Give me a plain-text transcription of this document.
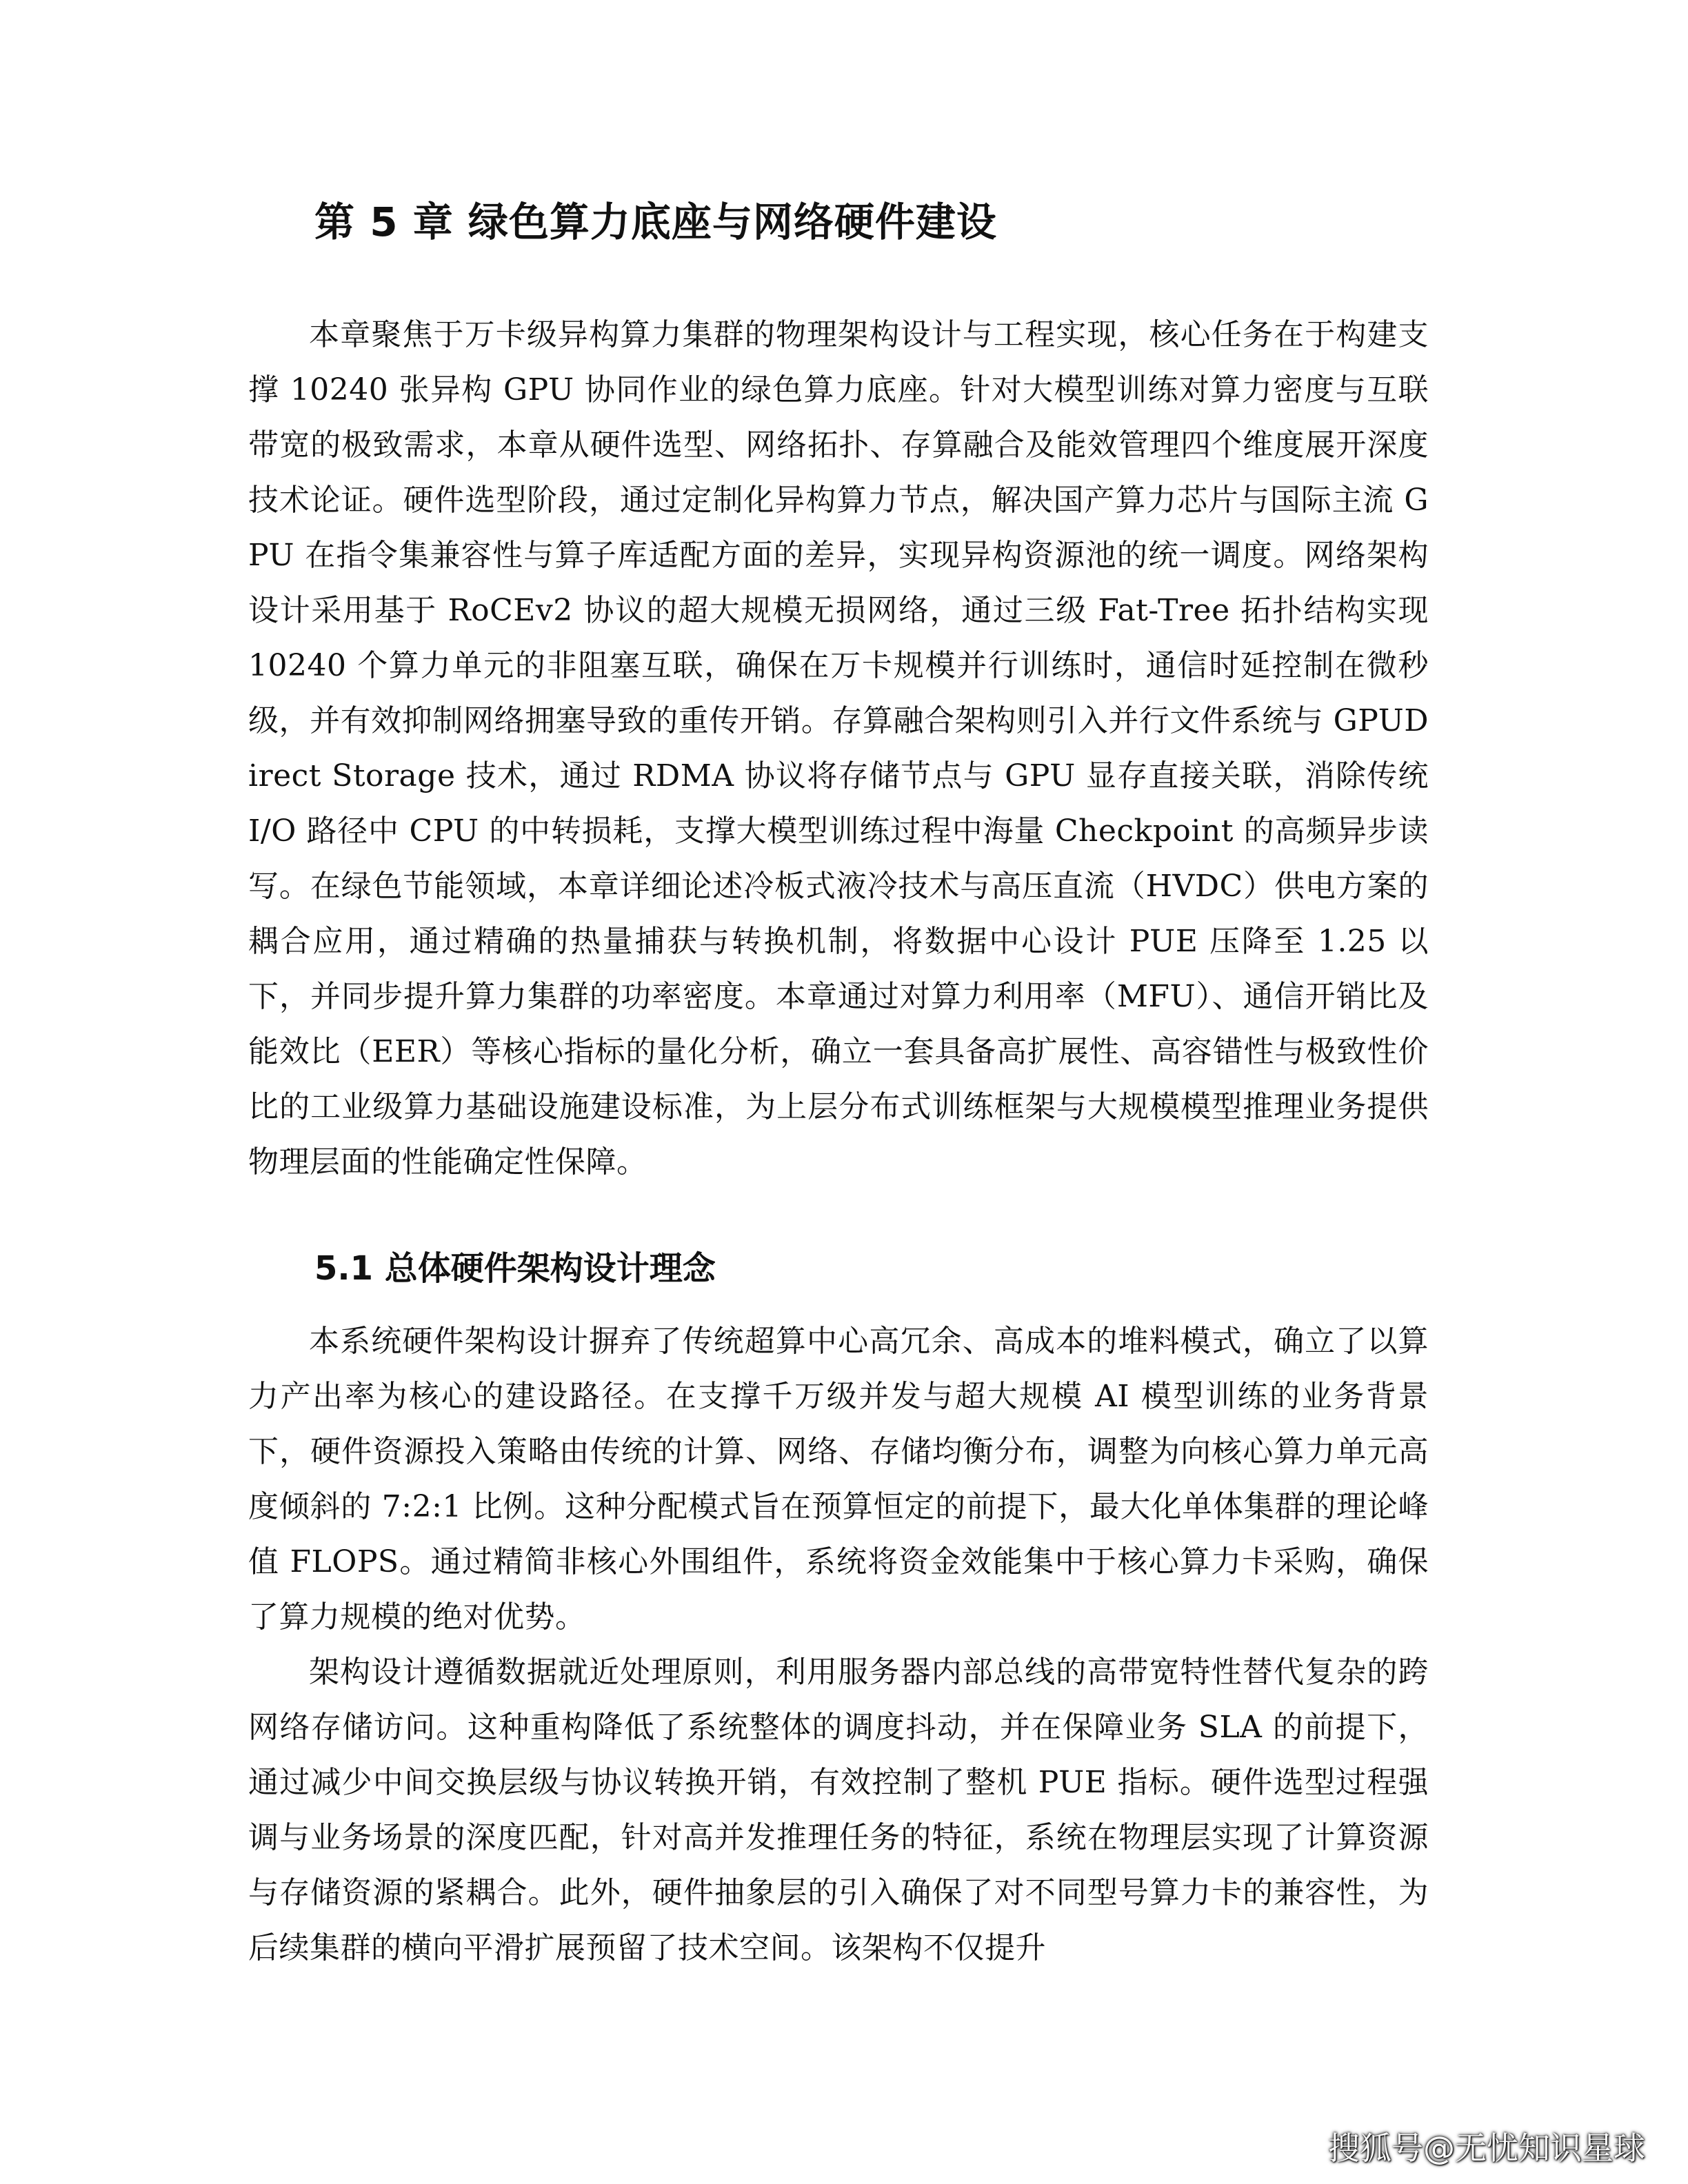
第 5 章 绿色算力底座与网络硬件建设

本章聚焦于万卡级异构算力集群的物理架构设计与工程实现，核心任务在于构建支撑 10240 张异构 GPU 协同作业的绿色算力底座。针对大模型训练对算力密度与互联带宽的极致需求，本章从硬件选型、网络拓扑、存算融合及能效管理四个维度展开深度技术论证。硬件选型阶段，通过定制化异构算力节点，解决国产算力芯片与国际主流 GPU 在指令集兼容性与算子库适配方面的差异，实现异构资源池的统一调度。网络架构设计采用基于 RoCEv2 协议的超大规模无损网络，通过三级 Fat-Tree 拓扑结构实现 10240 个算力单元的非阻塞互联，确保在万卡规模并行训练时，通信时延控制在微秒级，并有效抑制网络拥塞导致的重传开销。存算融合架构则引入并行文件系统与 GPUDirect Storage 技术，通过 RDMA 协议将存储节点与 GPU 显存直接关联，消除传统 I/O 路径中 CPU 的中转损耗，支撑大模型训练过程中海量 Checkpoint 的高频异步读写。在绿色节能领域，本章详细论述冷板式液冷技术与高压直流（HVDC）供电方案的耦合应用，通过精确的热量捕获与转换机制，将数据中心设计 PUE 压降至 1.25 以下，并同步提升算力集群的功率密度。本章通过对算力利用率（MFU）、通信开销比及能效比（EER）等核心指标的量化分析，确立一套具备高扩展性、高容错性与极致性价比的工业级算力基础设施建设标准，为上层分布式训练框架与大规模模型推理业务提供物理层面的性能确定性保障。

5.1 总体硬件架构设计理念

本系统硬件架构设计摒弃了传统超算中心高冗余、高成本的堆料模式，确立了以算力产出率为核心的建设路径。在支撑千万级并发与超大规模 AI 模型训练的业务背景下，硬件资源投入策略由传统的计算、网络、存储均衡分布，调整为向核心算力单元高度倾斜的 7:2:1 比例。这种分配模式旨在预算恒定的前提下，最大化单体集群的理论峰值 FLOPS。通过精简非核心外围组件，系统将资金效能集中于核心算力卡采购，确保了算力规模的绝对优势。

架构设计遵循数据就近处理原则，利用服务器内部总线的高带宽特性替代复杂的跨网络存储访问。这种重构降低了系统整体的调度抖动，并在保障业务 SLA 的前提下，通过减少中间交换层级与协议转换开销，有效控制了整机 PUE 指标。硬件选型过程强调与业务场景的深度匹配，针对高并发推理任务的特征，系统在物理层实现了计算资源与存储资源的紧耦合。此外，硬件抽象层的引入确保了对不同型号算力卡的兼容性，为后续集群的横向平滑扩展预留了技术空间。该架构不仅提升

搜狐号@无忧知识星球
